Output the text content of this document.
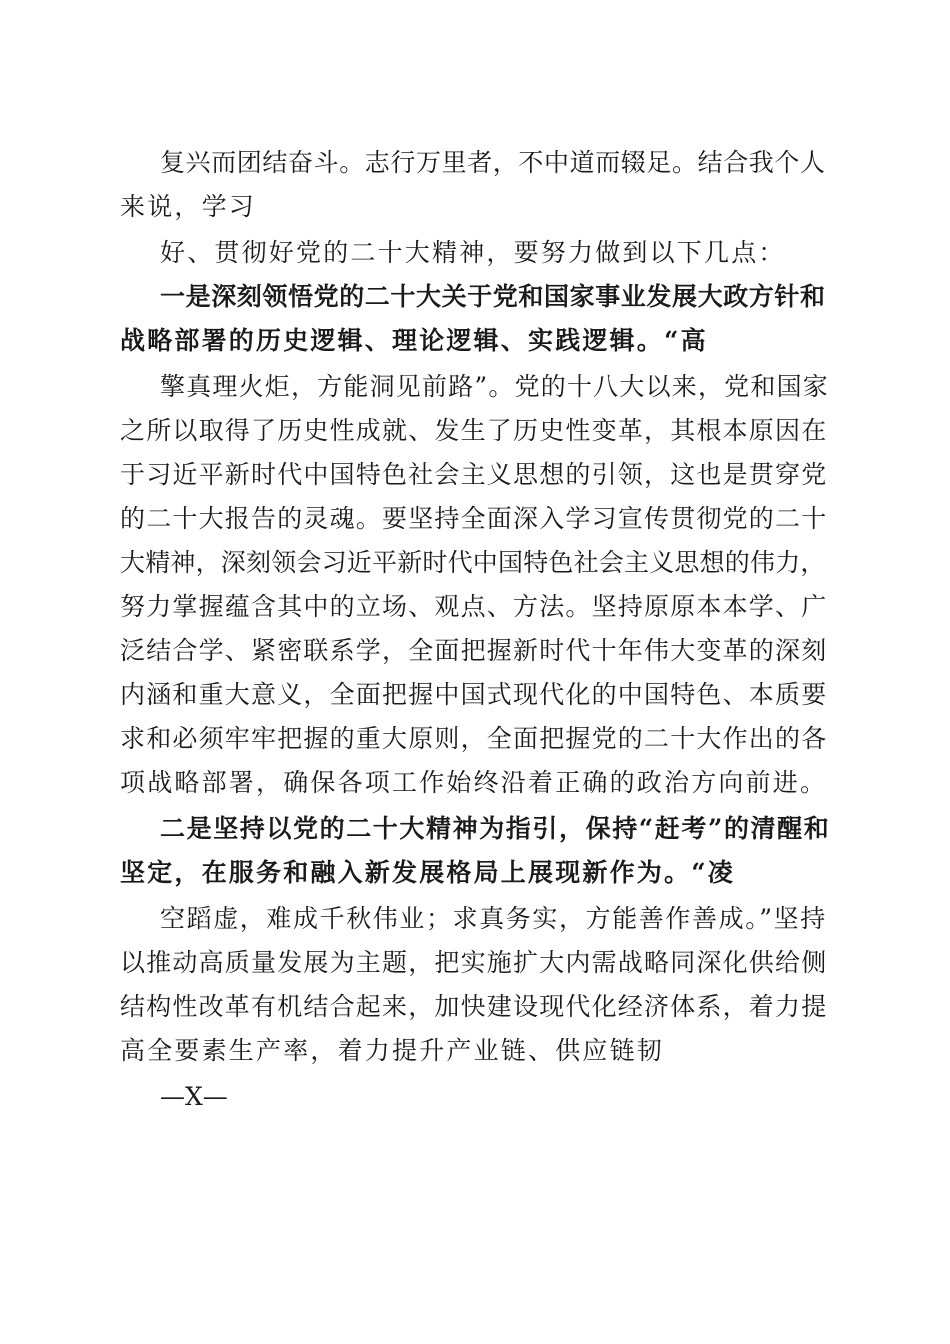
复兴而团结奋斗。志行万里者，不中道而辍足。结合我个人

来说，学习

好、贯彻好党的二十大精神，要努力做到以下几点：

一是深刻领悟党的二十大关于党和国家事业发展大政方针和

战略部署的历史逻辑、理论逻辑、实践逻辑。“高

擎真理火炬，方能洞见前路”。党的十八大以来，党和国家

之所以取得了历史性成就、发生了历史性变革，其根本原因在

于习近平新时代中国特色社会主义思想的引领，这也是贯穿党

的二十大报告的灵魂。要坚持全面深入学习宣传贯彻党的二十

大精神，深刻领会习近平新时代中国特色社会主义思想的伟力，

努力掌握蕴含其中的立场、观点、方法。坚持原原本本学、广

泛结合学、紧密联系学，全面把握新时代十年伟大变革的深刻

内涵和重大意义，全面把握中国式现代化的中国特色、本质要

求和必须牢牢把握的重大原则，全面把握党的二十大作出的各

项战略部署，确保各项工作始终沿着正确的政治方向前进。

二是坚持以党的二十大精神为指引，保持“赶考”的清醒和

坚定，在服务和融入新发展格局上展现新作为。“凌

空蹈虚，难成千秋伟业；求真务实，方能善作善成。”坚持

以推动高质量发展为主题，把实施扩大内需战略同深化供给侧

结构性改革有机结合起来，加快建设现代化经济体系，着力提

高全要素生产率，着力提升产业链、供应链韧

—X—
